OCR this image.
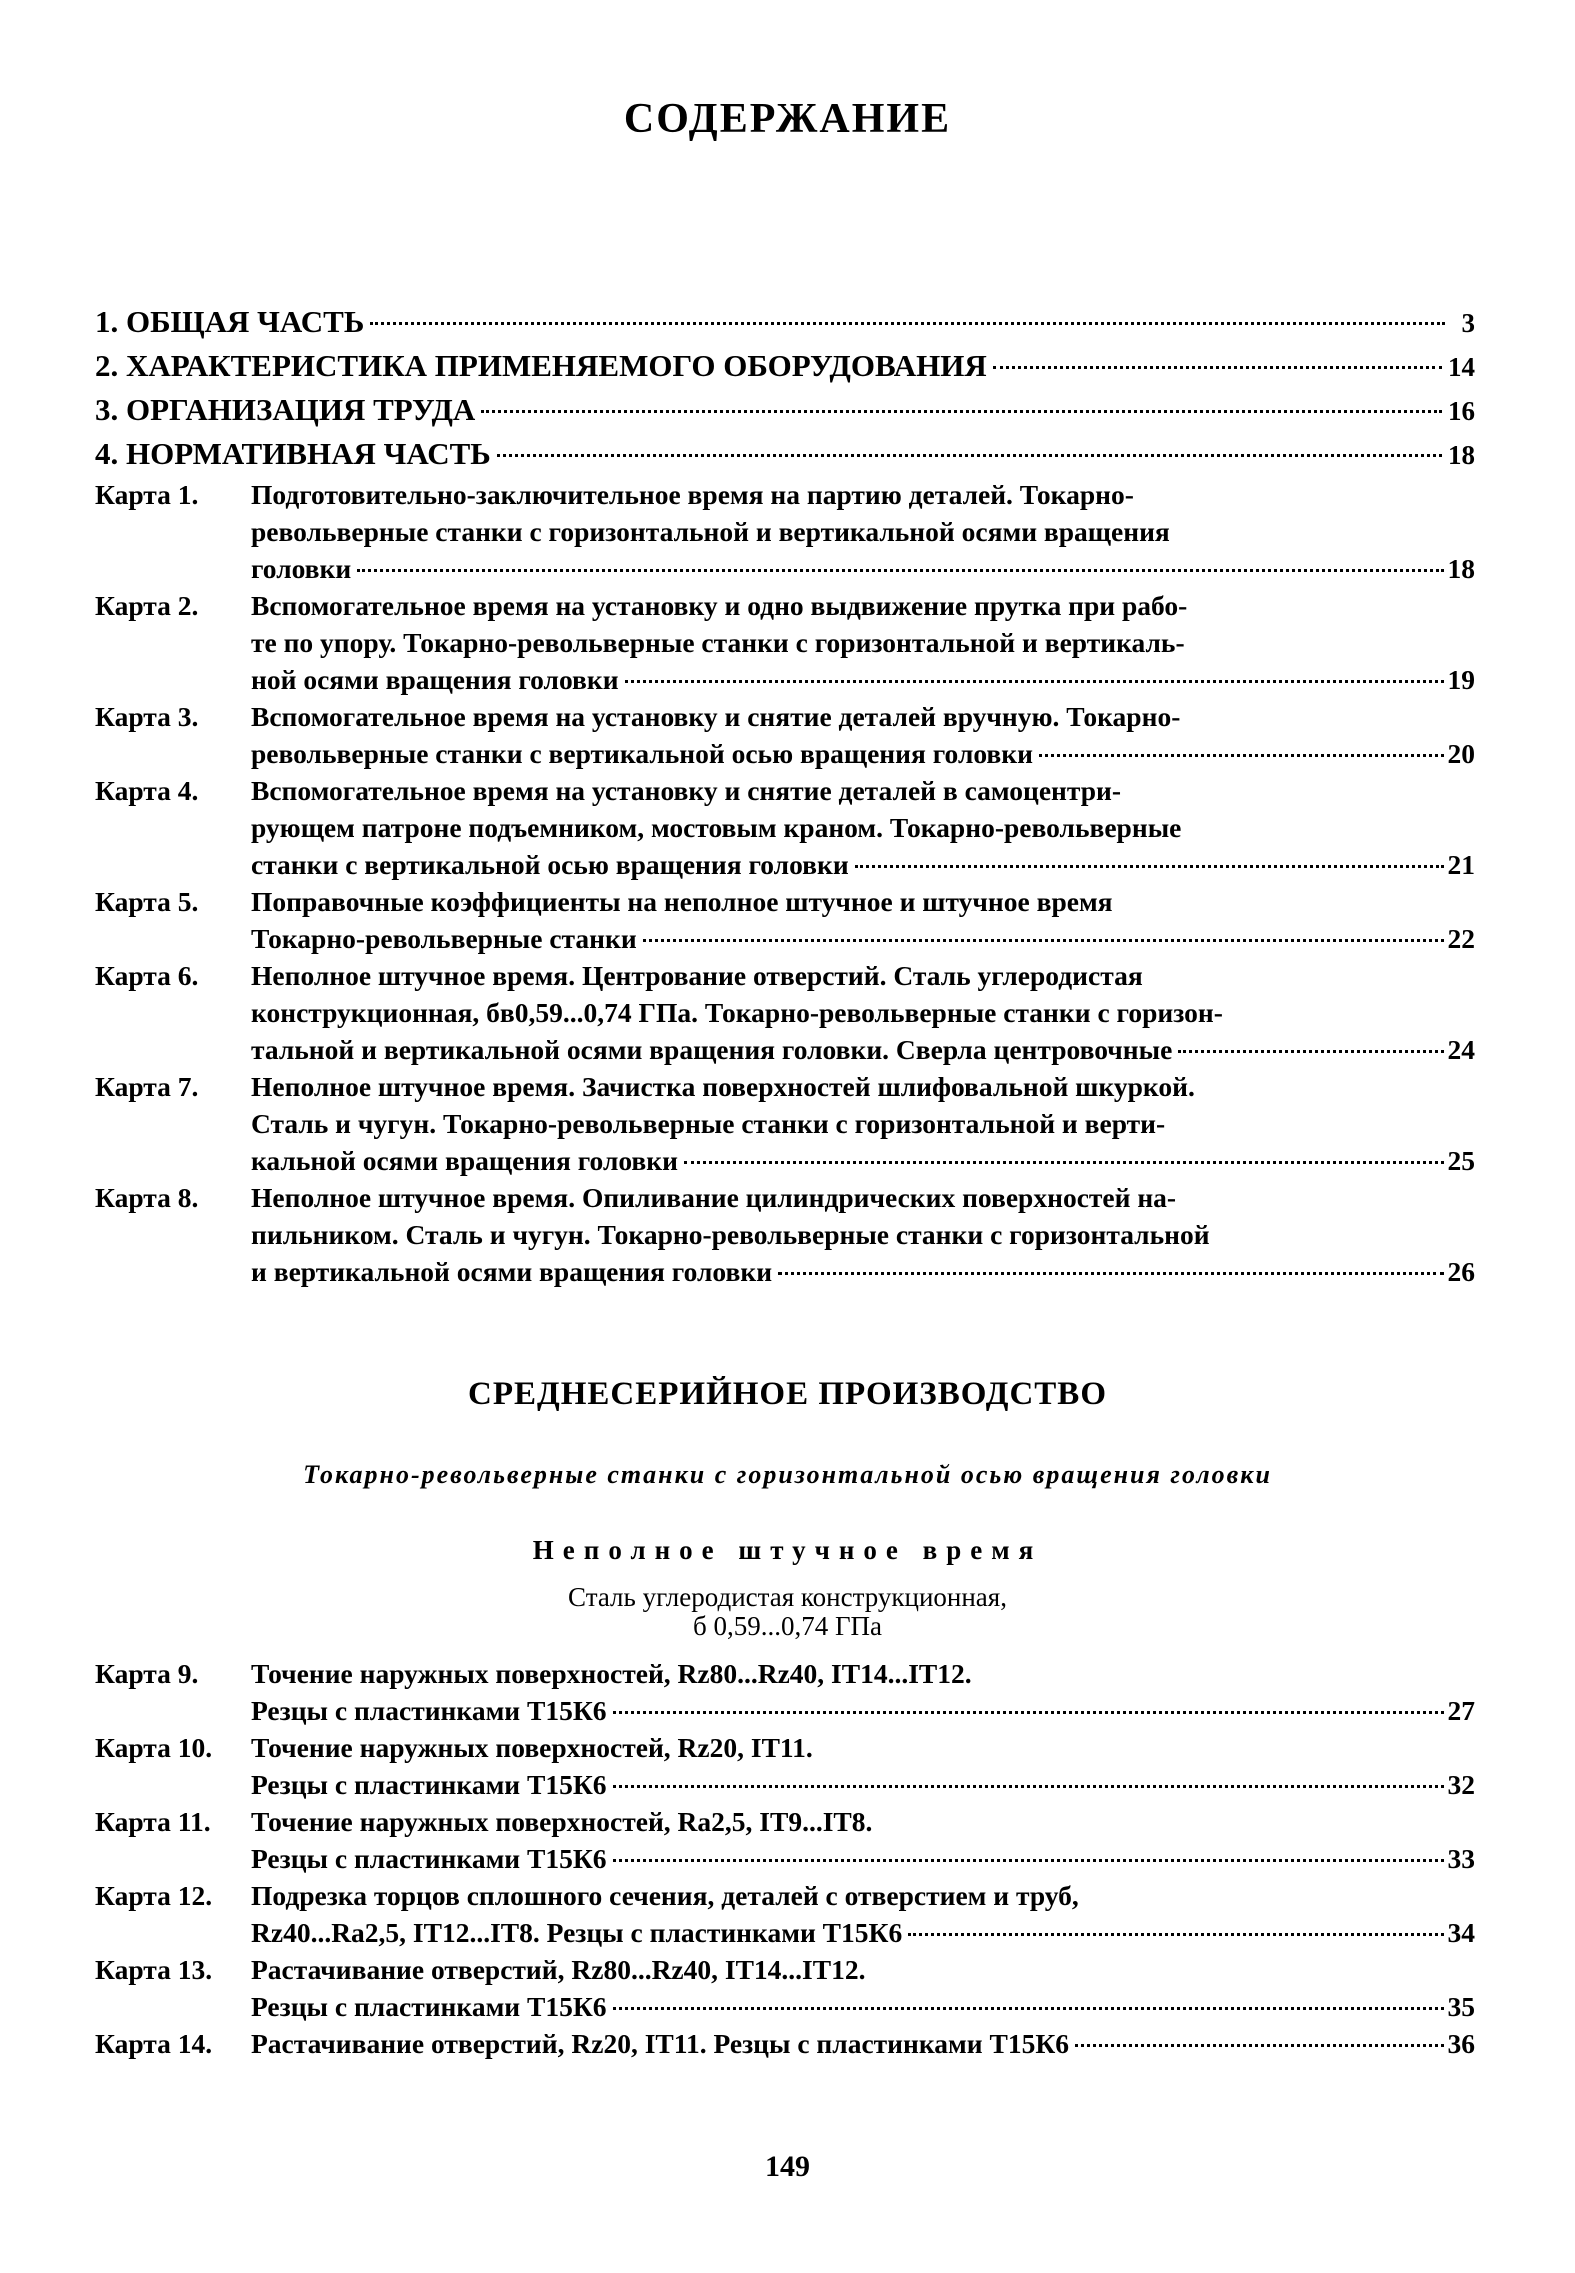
СОДЕРЖАНИЕ
1. ОБЩАЯ ЧАСТЬ	3
2. ХАРАКТЕРИСТИКА ПРИМЕНЯЕМОГО ОБОРУДОВАНИЯ	14
3. ОРГАНИЗАЦИЯ ТРУДА	16
4. НОРМАТИВНАЯ ЧАСТЬ	18
Карта 1.	Подготовительно-заключительное время на партию деталей. Токарно-
револьверные станки с горизонтальной и вертикальной осями вращения
головки	18
Карта 2.	Вспомогательное время на установку и одно выдвижение прутка при рабо-
те по упору. Токарно-револьверные станки с горизонтальной и вертикаль-
ной осями вращения головки	19
Карта 3.	Вспомогательное время на установку и снятие деталей вручную. Токарно-
револьверные станки с вертикальной осью вращения головки	20
Карта 4.	Вспомогательное время на установку и снятие деталей в самоцентри-
рующем патроне подъемником, мостовым краном. Токарно-револьверные
станки с вертикальной осью вращения головки	21
Карта 5.	Поправочные коэффициенты на неполное штучное и штучное время
Токарно-револьверные станки	22
Карта 6.	Неполное штучное время. Центрование отверстий. Сталь углеродистая
конструкционная, бв0,59...0,74 ГПа. Токарно-револьверные станки с горизон-
тальной и вертикальной осями вращения головки. Сверла центровочные	24
Карта 7.	Неполное штучное время. Зачистка поверхностей шлифовальной шкуркой.
Сталь и чугун. Токарно-револьверные станки с горизонтальной и верти-
кальной осями вращения головки	25
Карта 8.	Неполное штучное время. Опиливание цилиндрических поверхностей на-
пильником. Сталь и чугун. Токарно-револьверные станки с горизонтальной
и вертикальной осями вращения головки	26
СРЕДНЕСЕРИЙНОЕ ПРОИЗВОДСТВО
Токарно-револьверные станки с горизонтальной осью вращения головки
Неполное штучное время
Сталь углеродистая конструкционная,
б 0,59...0,74 ГПа
Карта 9.	Точение наружных поверхностей, Rz80...Rz40, IT14...IT12.
Резцы с пластинками Т15К6	27
Карта 10.	Точение наружных поверхностей, Rz20, IT11.
Резцы с пластинками Т15К6	32
Карта 11.	Точение наружных поверхностей, Ra2,5, IT9...IT8.
Резцы с пластинками Т15К6	33
Карта 12.	Подрезка торцов сплошного сечения, деталей с отверстием и труб,
Rz40...Ra2,5, IT12...IT8. Резцы с пластинками Т15К6	34
Карта 13.	Растачивание отверстий, Rz80...Rz40, IT14...IT12.
Резцы с пластинками Т15К6	35
Карта 14.	Растачивание отверстий, Rz20, IT11. Резцы с пластинками Т15К6	36
149
